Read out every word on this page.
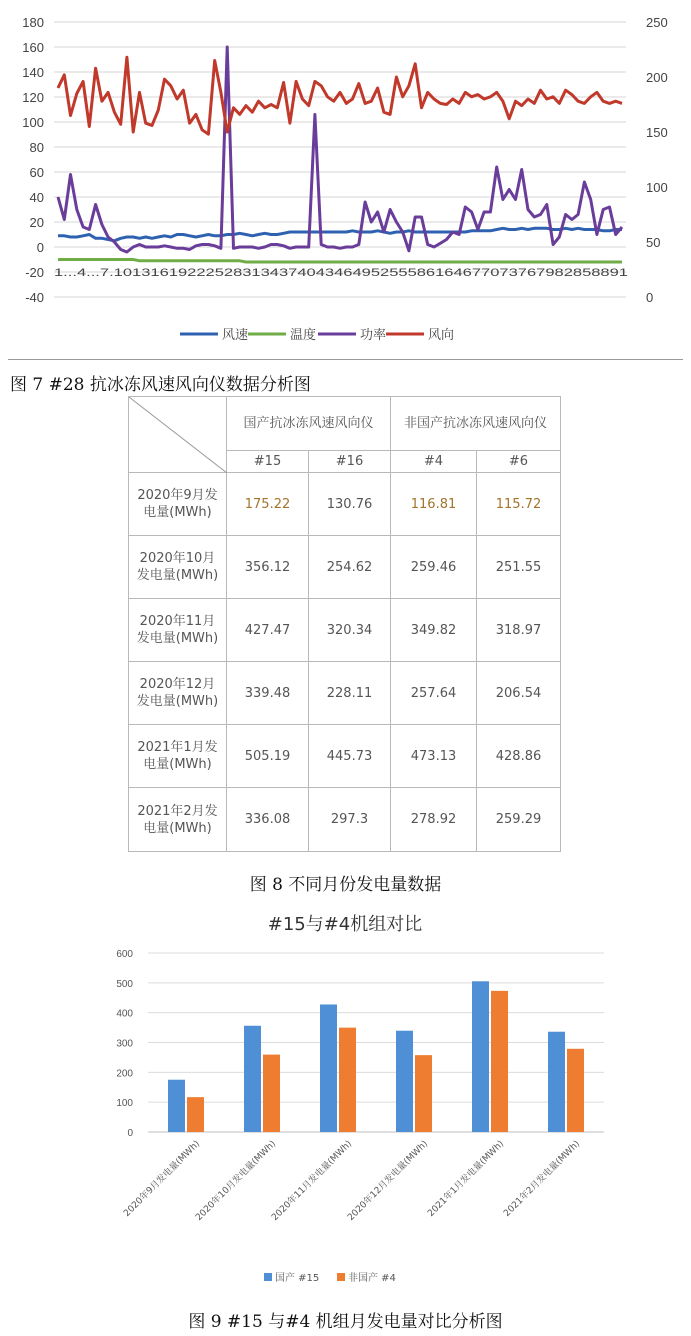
180
160
140
120
100
80
60
40
20
0
-20
-40
250
200
150
100
50
0
1...4...7.10131619222528313437404346495255586164677073767982858891
风速	温度	功率	风向
图 7 #28 抗冰冻风速风向仪数据分析图
	国产抗冰冻风速风向仪		非国产抗冰冻风速风向仪	
	#15	#16	#4	#6

2020年9月发电量(MWh)	175.22	130.76	116.81	115.72

2020年10月发电量(MWh)	356.12	254.62	259.46	251.55

2020年11月发电量(MWh)	427.47	320.34	349.82	318.97

2020年12月发电量(MWh)	339.48	228.11	257.64	206.54

2021年1月发电量(MWh)	505.19	445.73	473.13	428.86

2021年2月发电量(MWh)	336.08	297.3	278.92	259.29
图 8 不同月份发电量数据
#15与#4机组对比
0
100
200
300
400
500
600
2020年9月发电量(MWh)
2020年10月发电量(MWh)
2020年11月发电量(MWh)
2020年12月发电量(MWh)
2021年1月发电量(MWh)
2021年2月发电量(MWh)
国产 #15	非国产 #4
图 9 #15 与#4 机组月发电量对比分析图
